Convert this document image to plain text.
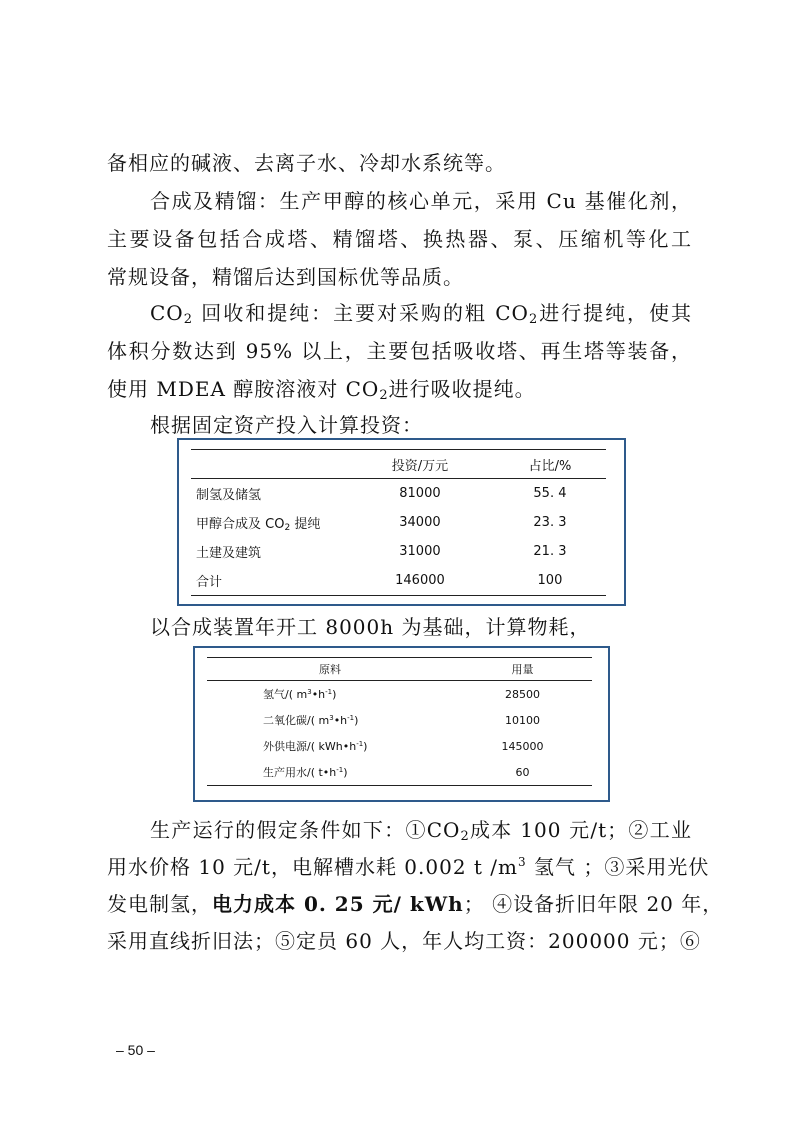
备相应的碱液、去离子水、冷却水系统等。

合成及精馏：生产甲醇的核心单元，采用 Cu 基催化剂，

主要设备包括合成塔、精馏塔、换热器、泵、压缩机等化工

常规设备，精馏后达到国标优等品质。

$CO_2$ 回收和提纯：主要对采购的粗 $CO_2$进行提纯，使其

体积分数达到 95% 以上，主要包括吸收塔、再生塔等装备，

使用 MDEA 醇胺溶液对 $CO_2$进行吸收提纯。

根据固定资产投入计算投资：

	投资/万元	占比/%
制氢及储氢	81000	55. 4
甲醇合成及 $CO_2$ 提纯	34000	23. 3
土建及建筑	31000	21. 3
合计	146000	100

以合成装置年开工 8000h 为基础，计算物耗，

原料	用量
氢气/( $m^3•h^{-1}$)	28500
二氧化碳/( $m^3•h^{-1}$)	10100
外供电源/( $kWh•h^{-1}$)	145000
生产用水/( $t•h^{-1}$)	60

生产运行的假定条件如下：$①CO_2$成本 100 元/t；②工业

用水价格 10 元/t，电解槽水耗 0.002 t $/m^3$ 氢气 ；③采用光伏

发电制氢，电力成本 0. 25 元/ kWh； ④设备折旧年限 20 年，

采用直线折旧法；⑤定员 60 人，年人均工资：200000 元；⑥

– 50 –
